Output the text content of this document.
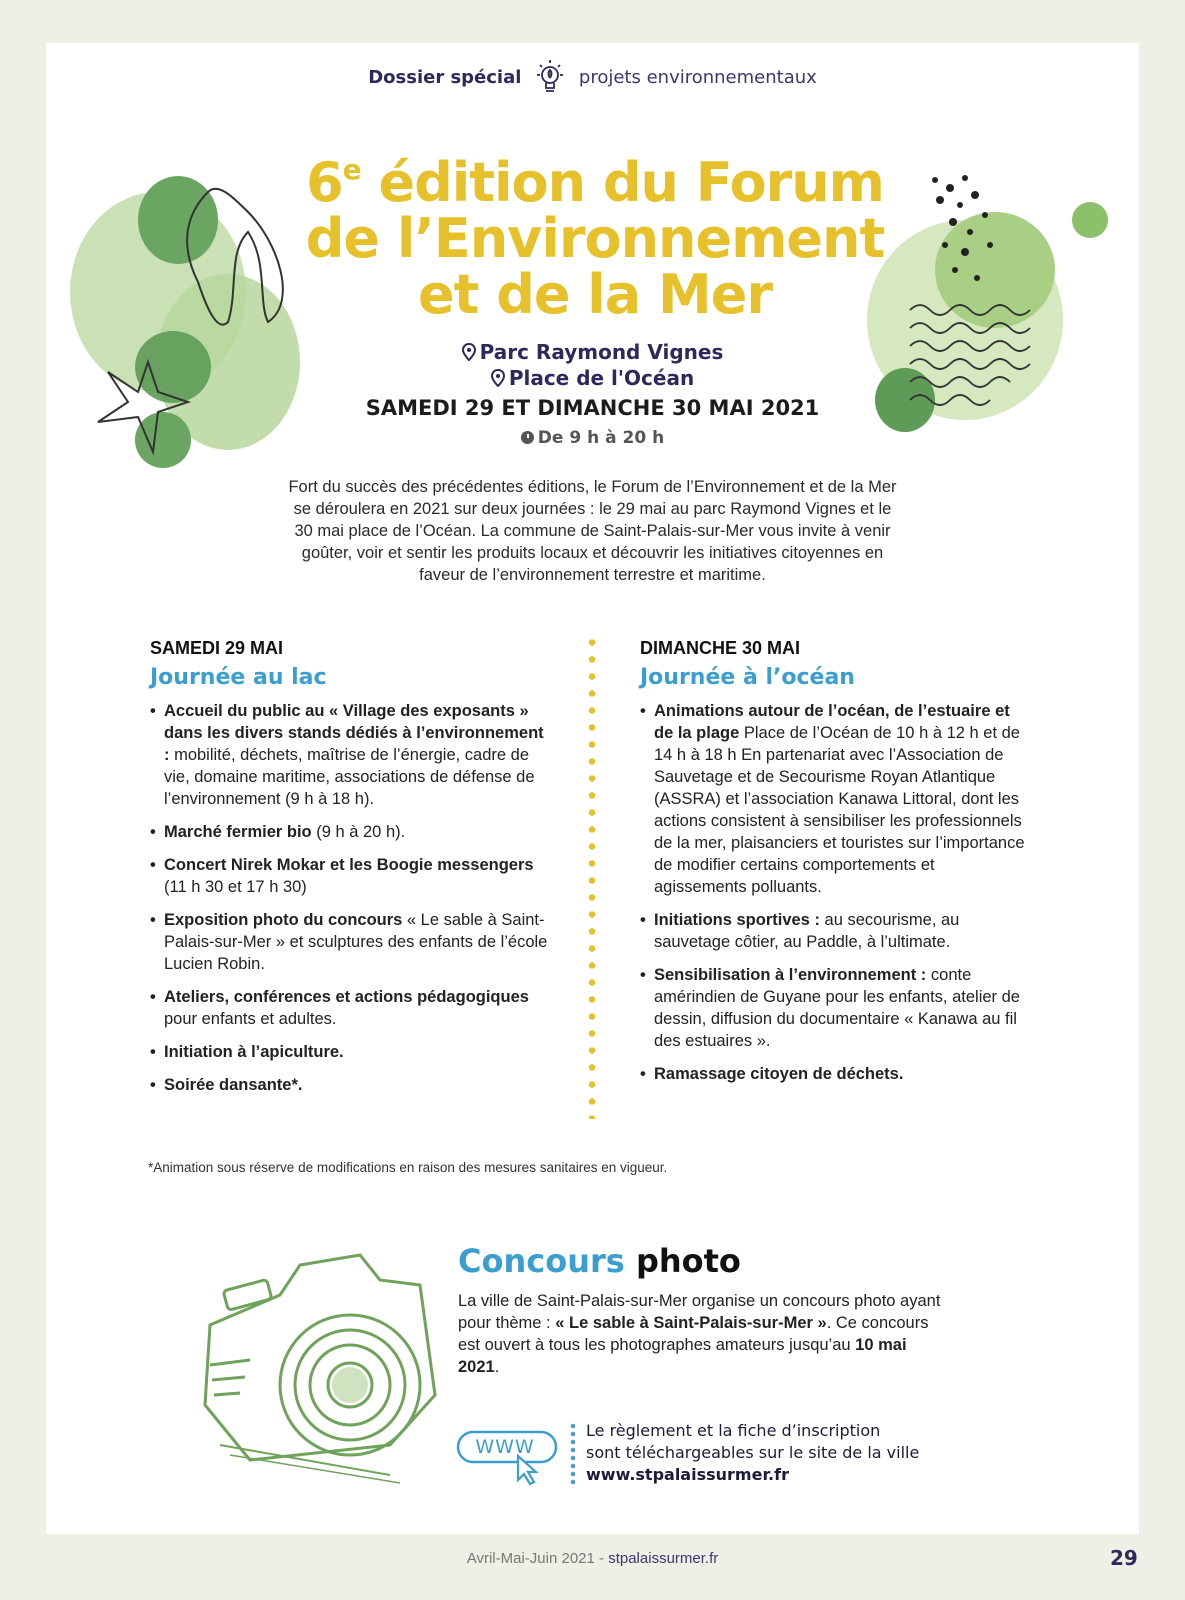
Dossier spécial	projets environnementaux
6e édition du Forum
de l’Environnement
et de la Mer
Parc Raymond Vignes
Place de l'Océan
SAMEDI 29 ET DIMANCHE 30 MAI 2021
De 9 h à 20 h
Fort du succès des précédentes éditions, le Forum de l’Environnement et de la Mer se déroulera en 2021 sur deux journées : le 29 mai au parc Raymond Vignes et le 30 mai place de l’Océan. La commune de Saint-Palais-sur-Mer vous invite à venir goûter, voir et sentir les produits locaux et découvrir les initiatives citoyennes en faveur de l’environnement terrestre et maritime.
SAMEDI 29 MAI
Journée au lac
• Accueil du public au « Village des exposants » dans les divers stands dédiés à l’environnement : mobilité, déchets, maîtrise de l’énergie, cadre de vie, domaine maritime, associations de défense de l’environnement (9 h à 18 h).
• Marché fermier bio (9 h à 20 h).
• Concert Nirek Mokar et les Boogie messengers (11 h 30 et 17 h 30)
• Exposition photo du concours « Le sable à Saint-Palais-sur-Mer » et sculptures des enfants de l’école Lucien Robin.
• Ateliers, conférences et actions pédagogiques pour enfants et adultes.
• Initiation à l’apiculture.
• Soirée dansante*.
DIMANCHE 30 MAI
Journée à l’océan
• Animations autour de l’océan, de l’estuaire et de la plage Place de l’Océan de 10 h à 12 h et de 14 h à 18 h En partenariat avec l’Association de Sauvetage et de Secourisme Royan Atlantique (ASSRA) et l’association Kanawa Littoral, dont les actions consistent à sensibiliser les professionnels de la mer, plaisanciers et touristes sur l’importance de modifier certains comportements et agissements polluants.
• Initiations sportives : au secourisme, au sauvetage côtier, au Paddle, à l’ultimate.
• Sensibilisation à l’environnement : conte amérindien de Guyane pour les enfants, atelier de dessin, diffusion du documentaire « Kanawa au fil des estuaires ».
• Ramassage citoyen de déchets.
*Animation sous réserve de modifications en raison des mesures sanitaires en vigueur.
Concours photo
La ville de Saint-Palais-sur-Mer organise un concours photo ayant pour thème : « Le sable à Saint-Palais-sur-Mer ». Ce concours est ouvert à tous les photographes amateurs jusqu’au 10 mai 2021.
WWW
Le règlement et la fiche d’inscription
sont téléchargeables sur le site de la ville
www.stpalaissurmer.fr
Avril-Mai-Juin 2021 - stpalaissurmer.fr	29
